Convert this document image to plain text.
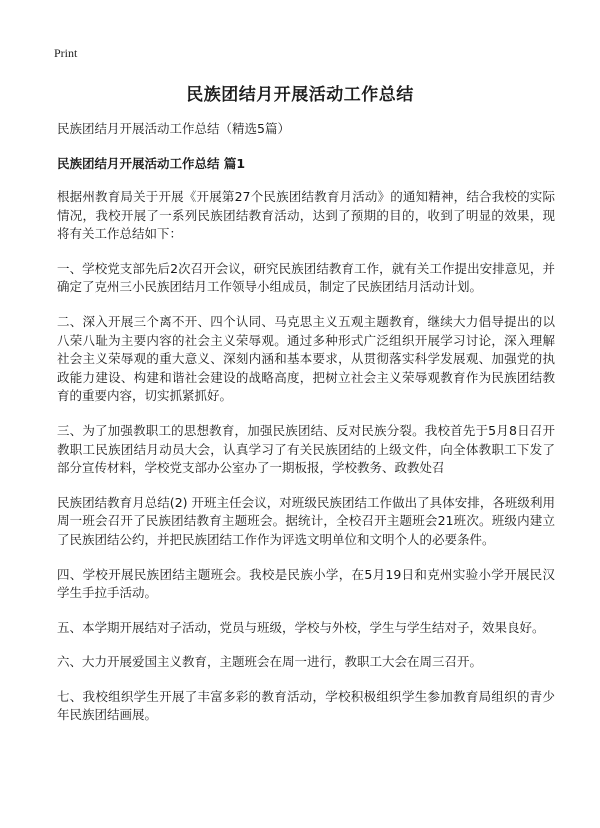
Print
民族团结月开展活动工作总结

民族团结月开展活动工作总结（精选5篇）

民族团结月开展活动工作总结 篇1

根据州教育局关于开展《开展第27个民族团结教育月活动》的通知精神，结合我校的实际情况，我校开展了一系列民族团结教育活动，达到了预期的目的，收到了明显的效果，现将有关工作总结如下：

一、学校党支部先后2次召开会议，研究民族团结教育工作，就有关工作提出安排意见，并确定了克州三小民族团结月工作领导小组成员，制定了民族团结月活动计划。

二、深入开展三个离不开、四个认同、马克思主义五观主题教育，继续大力倡导提出的以八荣八耻为主要内容的社会主义荣辱观。通过多种形式广泛组织开展学习讨论，深入理解社会主义荣辱观的重大意义、深刻内涵和基本要求，从贯彻落实科学发展观、加强党的执政能力建设、构建和谐社会建设的战略高度，把树立社会主义荣辱观教育作为民族团结教育的重要内容，切实抓紧抓好。

三、为了加强教职工的思想教育，加强民族团结、反对民族分裂。我校首先于5月8日召开教职工民族团结月动员大会，认真学习了有关民族团结的上级文件，向全体教职工下发了部分宣传材料，学校党支部办公室办了一期板报，学校教务、政教处召

民族团结教育月总结(2) 开班主任会议，对班级民族团结工作做出了具体安排，各班级利用周一班会召开了民族团结教育主题班会。据统计，全校召开主题班会21班次。班级内建立了民族团结公约，并把民族团结工作作为评选文明单位和文明个人的必要条件。

四、学校开展民族团结主题班会。我校是民族小学，在5月19日和克州实验小学开展民汉学生手拉手活动。

五、本学期开展结对子活动，党员与班级，学校与外校，学生与学生结对子，效果良好。

六、大力开展爱国主义教育，主题班会在周一进行，教职工大会在周三召开。

七、我校组织学生开展了丰富多彩的教育活动，学校积极组织学生参加教育局组织的青少年民族团结画展。
